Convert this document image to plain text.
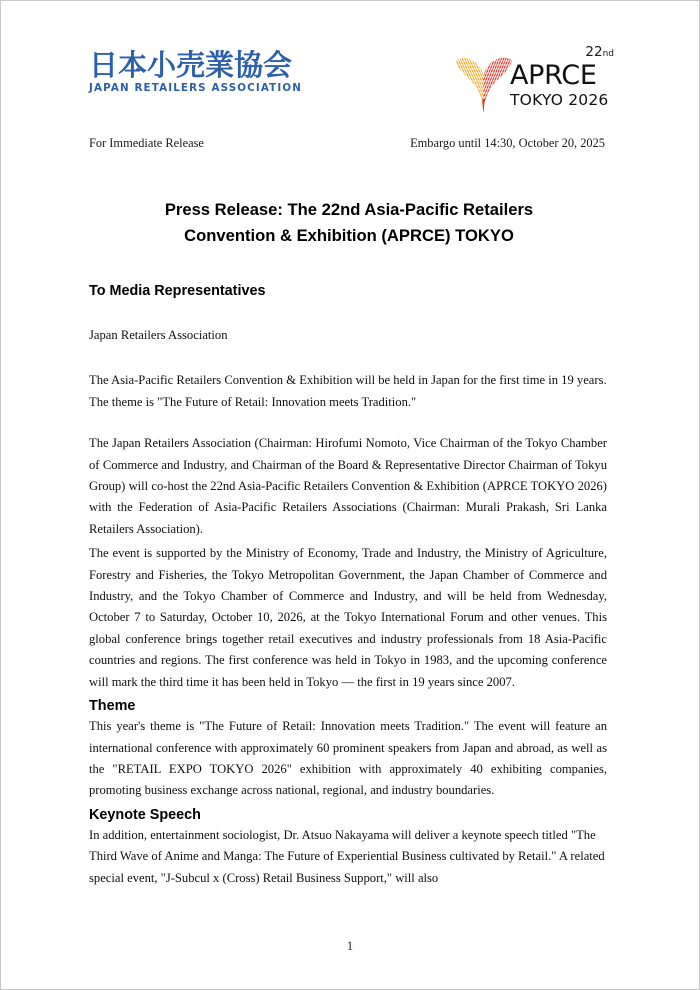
日本小売業協会
JAPAN RETAILERS ASSOCIATION
22nd
APRCE
TOKYO 2026
For Immediate Release	Embargo until 14:30, October 20, 2025
Press Release: The 22nd Asia-Pacific Retailers
Convention & Exhibition (APRCE) TOKYO
To Media Representatives

Japan Retailers Association

The Asia-Pacific Retailers Convention & Exhibition will be held in Japan for the first time in 19 years. The theme is "The Future of Retail: Innovation meets Tradition."

The Japan Retailers Association (Chairman: Hirofumi Nomoto, Vice Chairman of the Tokyo Chamber of Commerce and Industry, and Chairman of the Board & Representative Director Chairman of Tokyu Group) will co-host the 22nd Asia-Pacific Retailers Convention & Exhibition (APRCE TOKYO 2026) with the Federation of Asia-Pacific Retailers Associations (Chairman: Murali Prakash, Sri Lanka Retailers Association).

The event is supported by the Ministry of Economy, Trade and Industry, the Ministry of Agriculture, Forestry and Fisheries, the Tokyo Metropolitan Government, the Japan Chamber of Commerce and Industry, and the Tokyo Chamber of Commerce and Industry, and will be held from Wednesday, October 7 to Saturday, October 10, 2026, at the Tokyo International Forum and other venues. This global conference brings together retail executives and industry professionals from 18 Asia-Pacific countries and regions. The first conference was held in Tokyo in 1983, and the upcoming conference will mark the third time it has been held in Tokyo — the first in 19 years since 2007.

Theme

This year's theme is "The Future of Retail: Innovation meets Tradition." The event will feature an international conference with approximately 60 prominent speakers from Japan and abroad, as well as the "RETAIL EXPO TOKYO 2026" exhibition with approximately 40 exhibiting companies, promoting business exchange across national, regional, and industry boundaries.

Keynote Speech

In addition, entertainment sociologist, Dr. Atsuo Nakayama will deliver a keynote speech titled "The Third Wave of Anime and Manga: The Future of Experiential Business cultivated by Retail." A related special event, "J-Subcul x (Cross) Retail Business Support," will also

1
